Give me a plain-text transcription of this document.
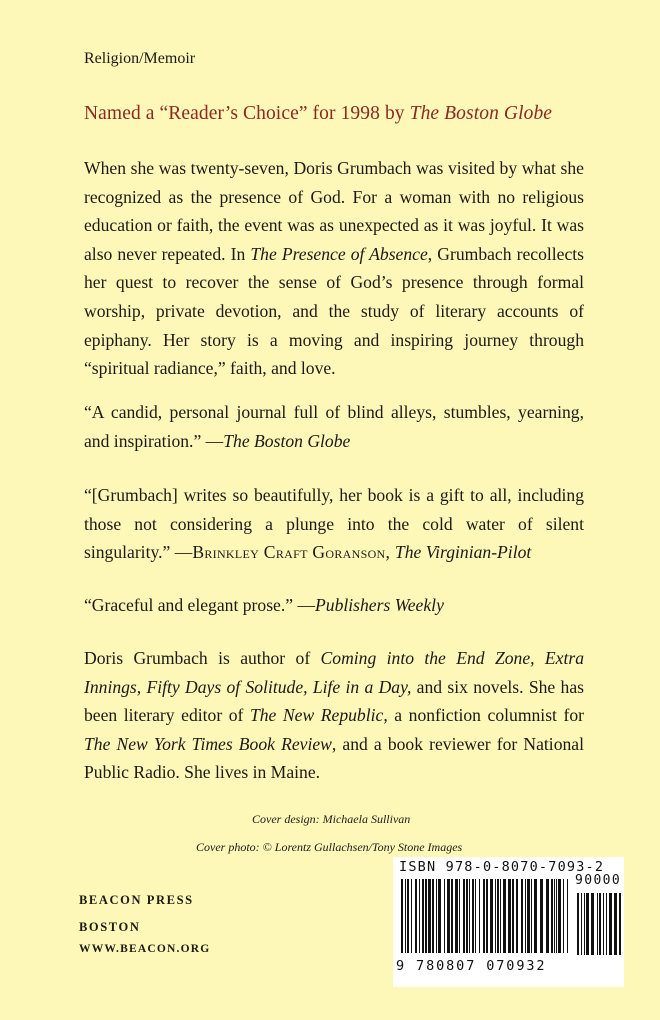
Religion/Memoir
Named a “Reader’s Choice” for 1998 by The Boston Globe
When she was twenty-seven, Doris Grumbach was visited by what she recognized as the presence of God. For a woman with no religious education or faith, the event was as unexpected as it was joyful. It was also never repeated. In The Presence of Absence, Grumbach recollects her quest to recover the sense of God’s presence through formal worship, private devotion, and the study of literary accounts of epiphany. Her story is a moving and inspiring journey through “spiritual radiance,” faith, and love.
“A candid, personal journal full of blind alleys, stumbles, yearning, and inspiration.” —The Boston Globe
“[Grumbach] writes so beautifully, her book is a gift to all, including those not considering a plunge into the cold water of silent singularity.” —Brinkley Craft Goranson, The Virginian-Pilot
“Graceful and elegant prose.” —Publishers Weekly
Doris Grumbach is author of Coming into the End Zone, Extra Innings, Fifty Days of Solitude, Life in a Day, and six novels. She has been literary editor of The New Republic, a nonfiction columnist for The New York Times Book Review, and a book reviewer for National Public Radio. She lives in Maine.
Cover design: Michaela Sullivan
Cover photo: © Lorentz Gullachsen/Tony Stone Images
BEACON PRESS
BOSTON
WWW.BEACON.ORG
ISBN 978-0-8070-7093-2
90000
9 780807 070932
